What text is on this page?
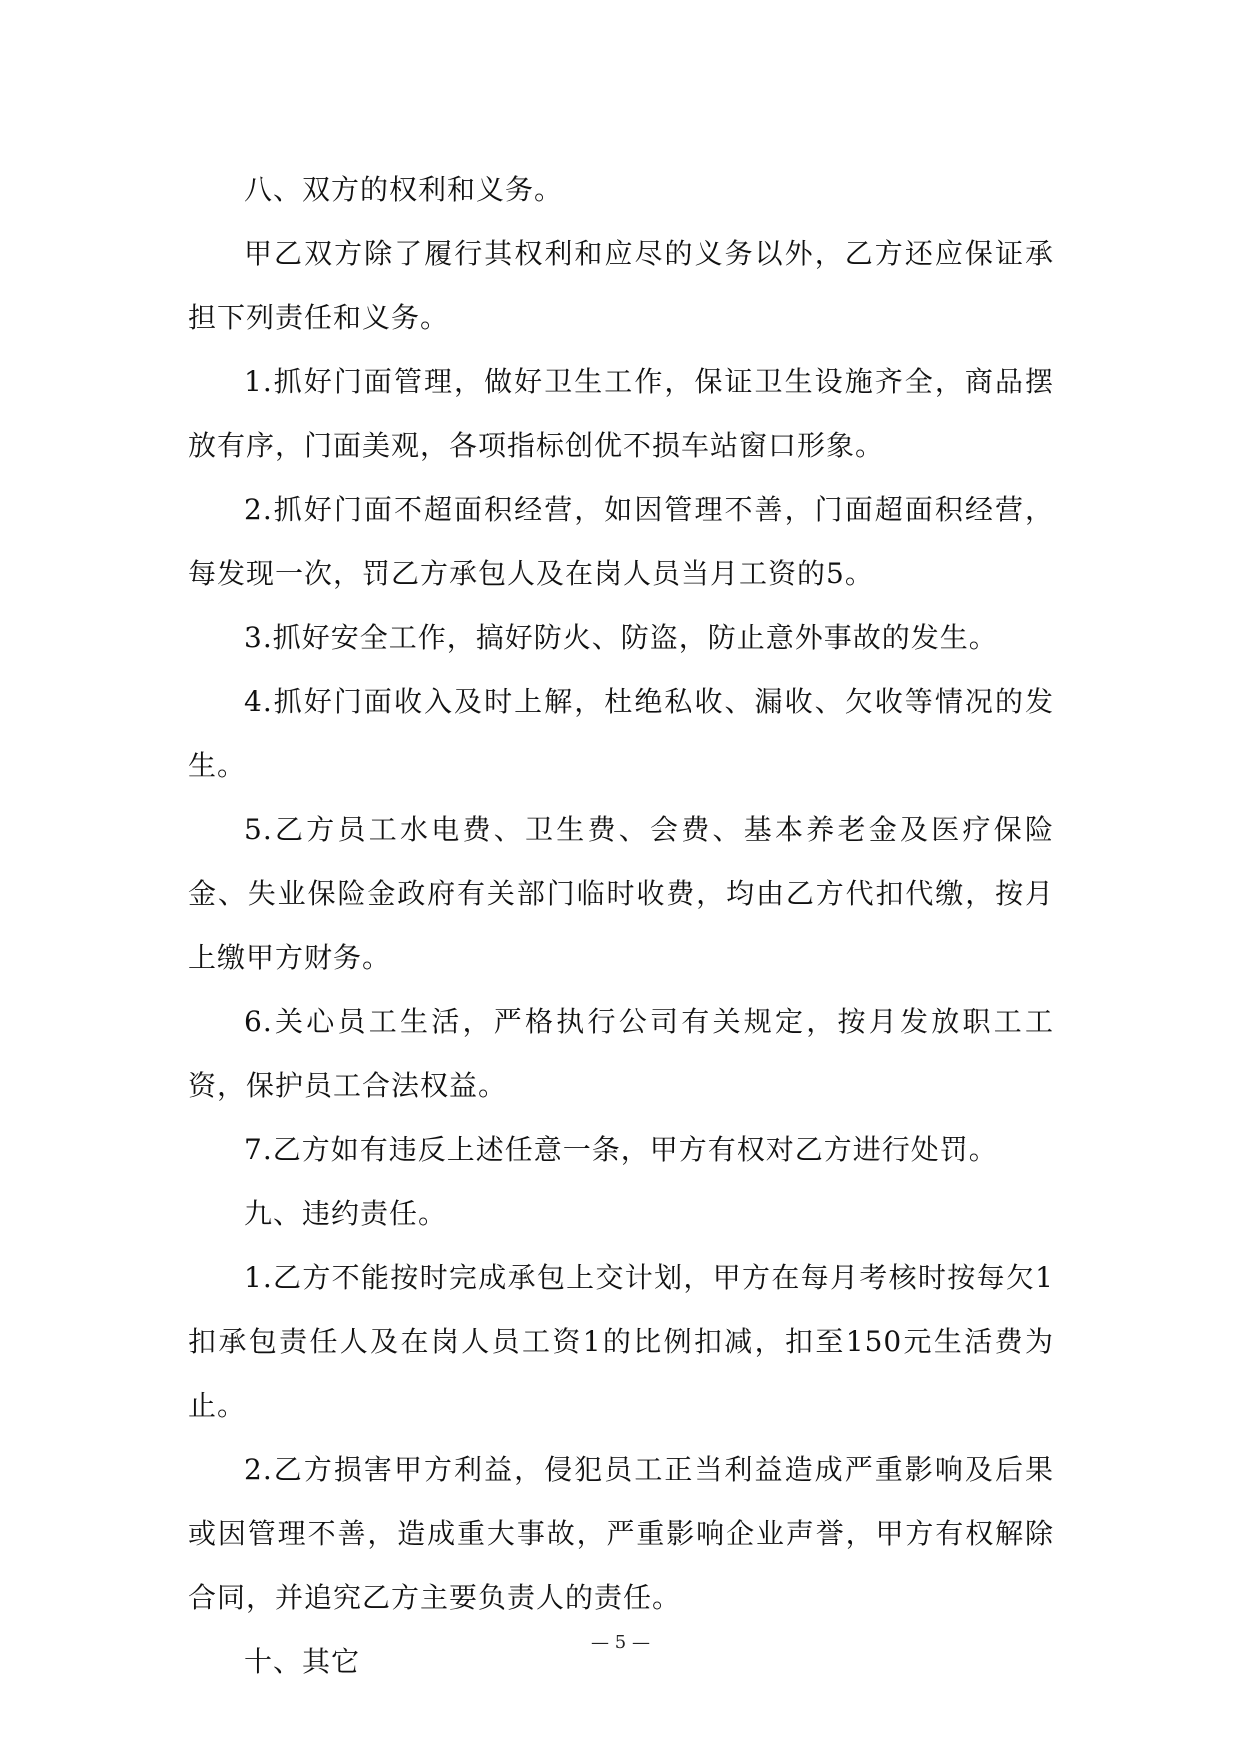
八、双方的权利和义务。

甲乙双方除了履行其权利和应尽的义务以外，乙方还应保证承担下列责任和义务。

1.抓好门面管理，做好卫生工作，保证卫生设施齐全，商品摆放有序，门面美观，各项指标创优不损车站窗口形象。

2.抓好门面不超面积经营，如因管理不善，门面超面积经营，每发现一次，罚乙方承包人及在岗人员当月工资的5。

3.抓好安全工作，搞好防火、防盗，防止意外事故的发生。

4.抓好门面收入及时上解，杜绝私收、漏收、欠收等情况的发生。

5.乙方员工水电费、卫生费、会费、基本养老金及医疗保险金、失业保险金政府有关部门临时收费，均由乙方代扣代缴，按月上缴甲方财务。

6.关心员工生活，严格执行公司有关规定，按月发放职工工资，保护员工合法权益。

7.乙方如有违反上述任意一条，甲方有权对乙方进行处罚。

九、违约责任。

1.乙方不能按时完成承包上交计划，甲方在每月考核时按每欠1扣承包责任人及在岗人员工资1的比例扣减，扣至150元生活费为止。

2.乙方损害甲方利益，侵犯员工正当利益造成严重影响及后果或因管理不善，造成重大事故，严重影响企业声誉，甲方有权解除合同，并追究乙方主要负责人的责任。

十、其它

— 5 —
